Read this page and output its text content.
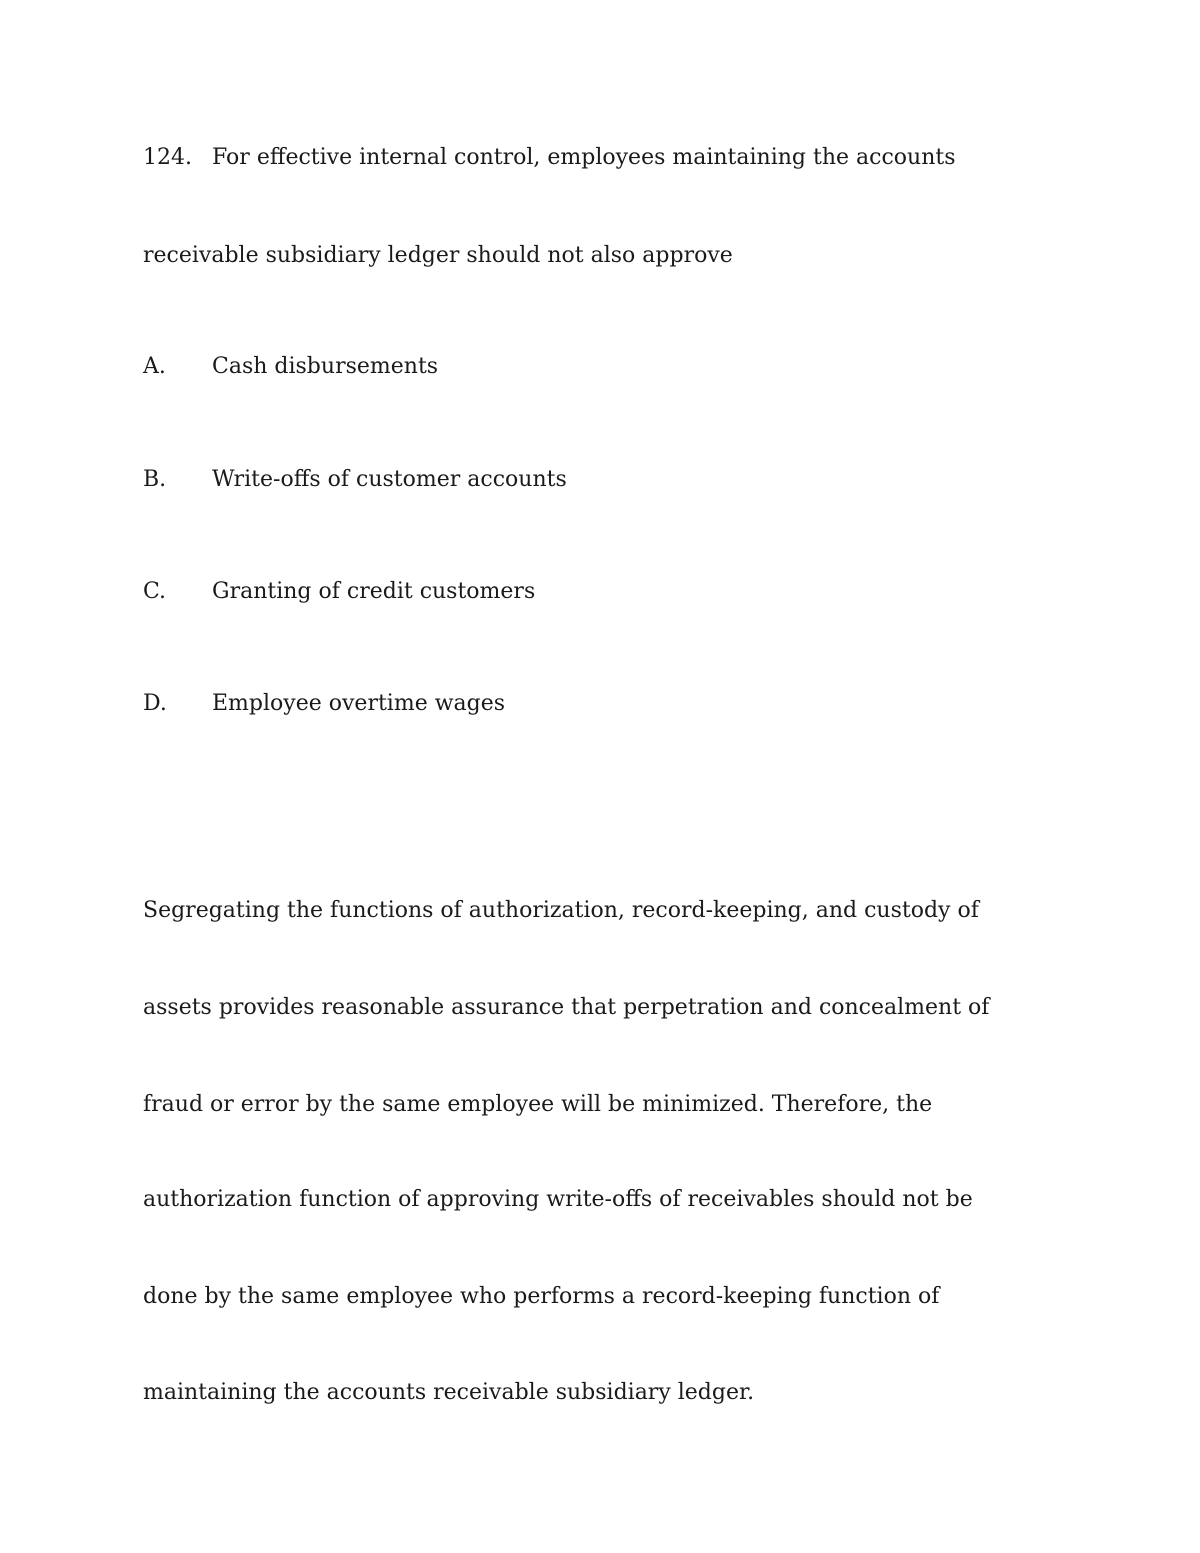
124. For effective internal control, employees maintaining the accounts
receivable subsidiary ledger should not also approve
A. Cash disbursements
B. Write-offs of customer accounts
C. Granting of credit customers
D. Employee overtime wages
Segregating the functions of authorization, record-keeping, and custody of
assets provides reasonable assurance that perpetration and concealment of
fraud or error by the same employee will be minimized. Therefore, the
authorization function of approving write-offs of receivables should not be
done by the same employee who performs a record-keeping function of
maintaining the accounts receivable subsidiary ledger.
